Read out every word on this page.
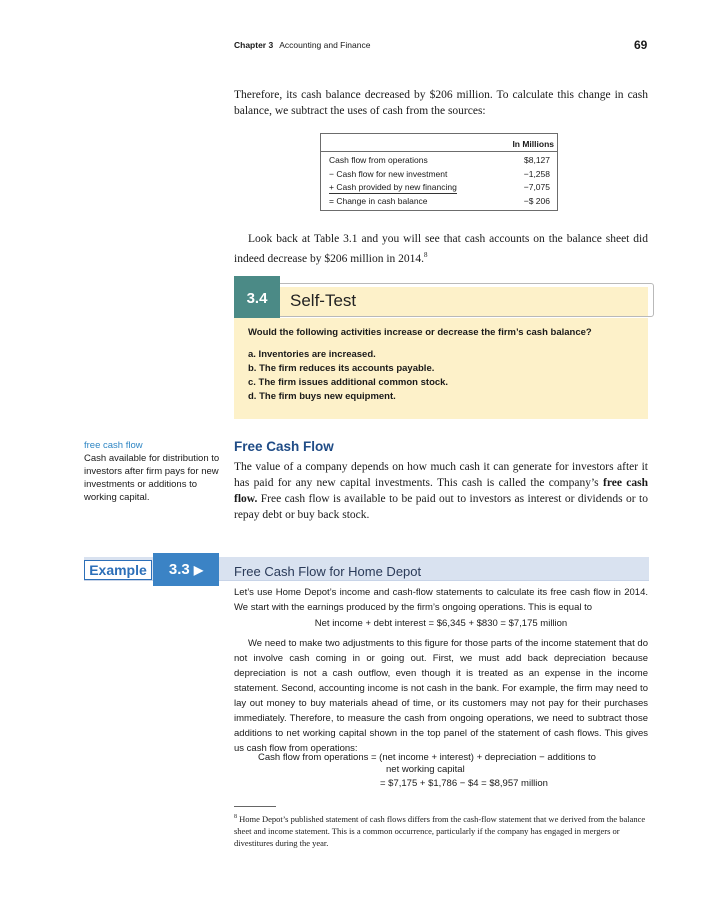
Chapter 3 Accounting and Finance	69
Therefore, its cash balance decreased by $206 million. To calculate this change in cash balance, we subtract the uses of cash from the sources:
In Millions
Cash flow from operations	$8,127
− Cash flow for new investment	−1,258
+ Cash provided by new financing	−7,075
= Change in cash balance	−$ 206
Look back at Table 3.1 and you will see that cash accounts on the balance sheet did indeed decrease by $206 million in 2014.$^8$
3.4	Self-Test
Would the following activities increase or decrease the firm’s cash balance?
a. Inventories are increased.
b. The firm reduces its accounts payable.
c. The firm issues additional common stock.
d. The firm buys new equipment.
free cash flow
Cash available for distribution to investors after firm pays for new investments or additions to working capital.
Free Cash Flow
The value of a company depends on how much cash it can generate for investors after it has paid for any new capital investments. This cash is called the company’s free cash flow. Free cash flow is available to be paid out to investors as interest or dividends or to repay debt or buy back stock.
Example	3.3 ▶	Free Cash Flow for Home Depot
Let’s use Home Depot’s income and cash-flow statements to calculate its free cash flow in 2014. We start with the earnings produced by the firm’s ongoing operations. This is equal to
Net income + debt interest = $6,345 + $830 = $7,175 million
We need to make two adjustments to this figure for those parts of the income statement that do not involve cash coming in or going out. First, we must add back depreciation because depreciation is not a cash outflow, even though it is treated as an expense in the income statement. Second, accounting income is not cash in the bank. For example, the firm may need to lay out money to buy materials ahead of time, or its customers may not pay for their purchases immediately. Therefore, to measure the cash from ongoing operations, we need to subtract those additions to net working capital shown in the top panel of the statement of cash flows. This gives us cash flow from operations:
Cash flow from operations = (net income + interest) + depreciation − additions to
net working capital
= $7,175 + $1,786 − $4 = $8,957 million
$^8$ Home Depot’s published statement of cash flows differs from the cash-flow statement that we derived from the balance sheet and income statement. This is a common occurrence, particularly if the company has engaged in mergers or divestitures during the year.
